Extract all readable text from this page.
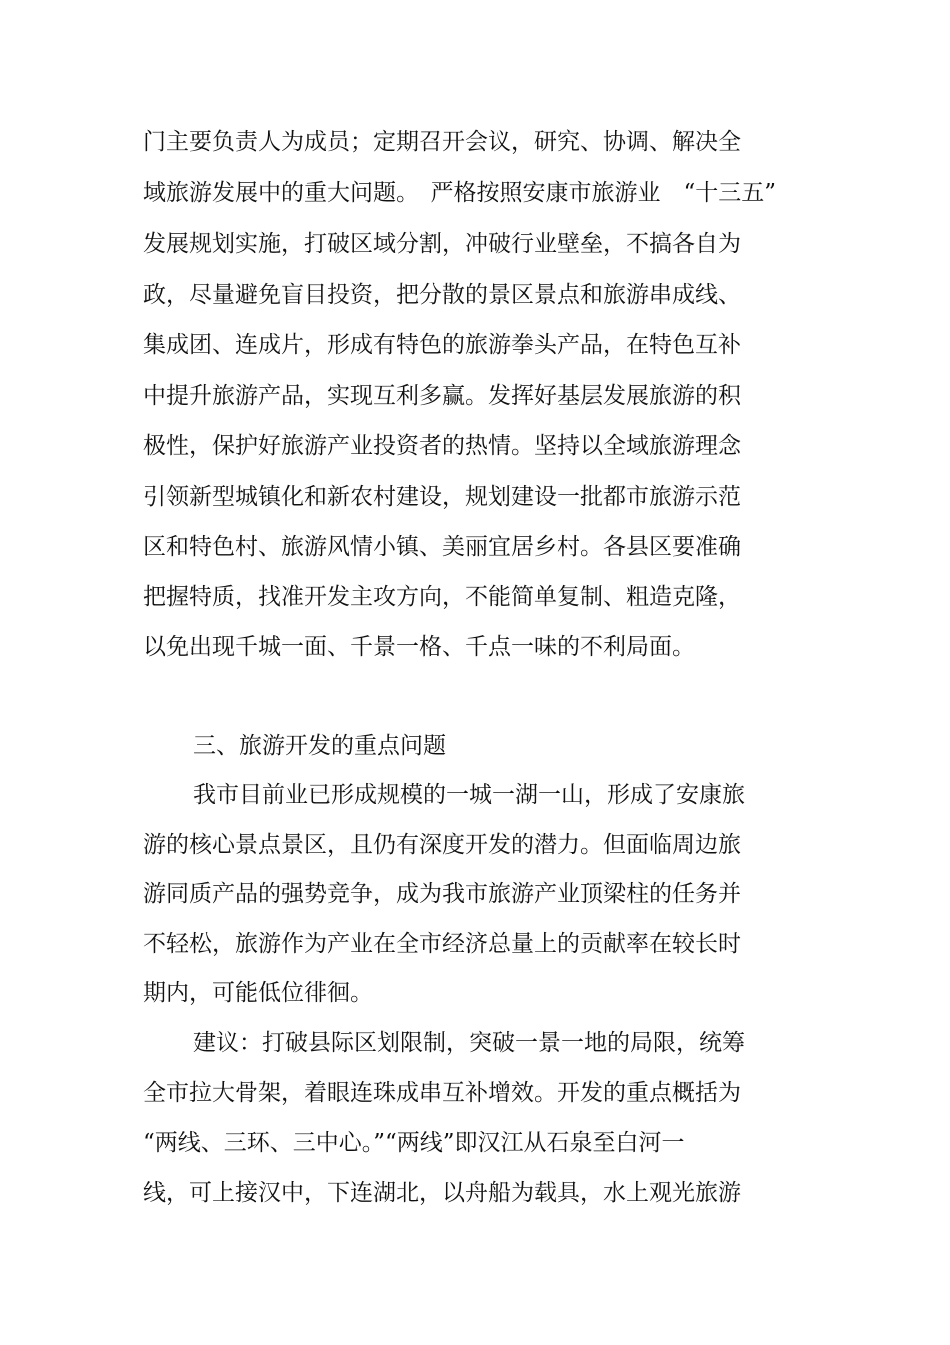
门主要负责人为成员；定期召开会议，研究、协调、解决全
域旅游发展中的重大问题。　严格按照安康市旅游业　“十三五”
发展规划实施，打破区域分割，冲破行业壁垒，不搞各自为
政，尽量避免盲目投资，把分散的景区景点和旅游串成线、
集成团、连成片，形成有特色的旅游拳头产品，在特色互补
中提升旅游产品，实现互利多赢。发挥好基层发展旅游的积
极性，保护好旅游产业投资者的热情。坚持以全域旅游理念
引领新型城镇化和新农村建设，规划建设一批都市旅游示范
区和特色村、旅游风情小镇、美丽宜居乡村。各县区要准确
把握特质，找准开发主攻方向，不能简单复制、粗造克隆，
以免出现千城一面、千景一格、千点一味的不利局面。
三、旅游开发的重点问题
我市目前业已形成规模的一城一湖一山，形成了安康旅
游的核心景点景区，且仍有深度开发的潜力。但面临周边旅
游同质产品的强势竞争，成为我市旅游产业顶梁柱的任务并
不轻松，旅游作为产业在全市经济总量上的贡献率在较长时
期内，可能低位徘徊。
建议：打破县际区划限制，突破一景一地的局限，统筹
全市拉大骨架，着眼连珠成串互补增效。开发的重点概括为
“两线、三环、三中心。”“两线”即汉江从石泉至白河一
线，可上接汉中，下连湖北，以舟船为载具，水上观光旅游
